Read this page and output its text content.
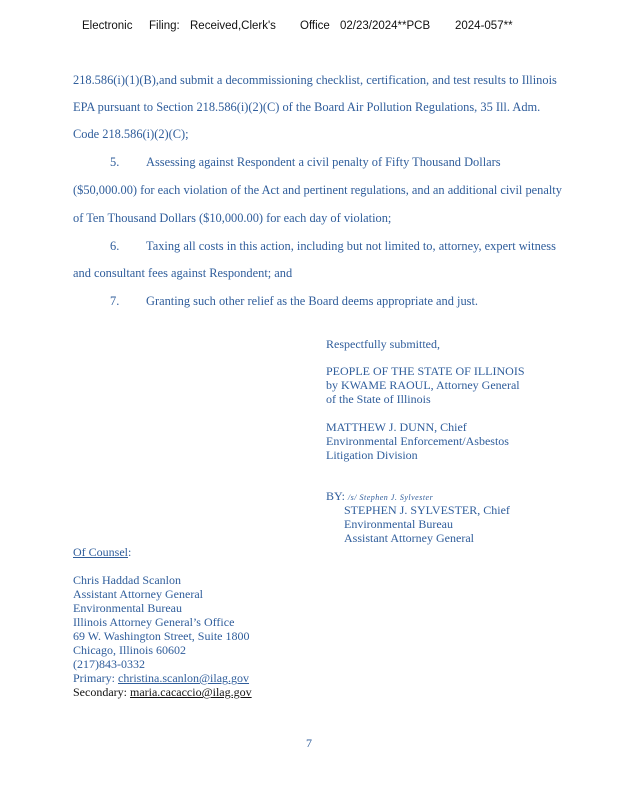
Electronic Filing: Received,Clerk's Office 02/23/2024**PCB 2024-057**
218.586(i)(1)(B),and submit a decommissioning checklist, certification, and test results to Illinois
EPA pursuant to Section 218.586(i)(2)(C) of the Board Air Pollution Regulations, 35 Ill. Adm.
Code 218.586(i)(2)(C);
5. Assessing against Respondent a civil penalty of Fifty Thousand Dollars
($50,000.00) for each violation of the Act and pertinent regulations, and an additional civil penalty
of Ten Thousand Dollars ($10,000.00) for each day of violation;
6. Taxing all costs in this action, including but not limited to, attorney, expert witness
and consultant fees against Respondent; and
7. Granting such other relief as the Board deems appropriate and just.
Respectfully submitted,
PEOPLE OF THE STATE OF ILLINOIS
by KWAME RAOUL, Attorney General
of the State of Illinois
MATTHEW J. DUNN, Chief
Environmental Enforcement/Asbestos
Litigation Division
BY: /s/ Stephen J. Sylvester
STEPHEN J. SYLVESTER, Chief
Environmental Bureau
Assistant Attorney General
Of Counsel:
Chris Haddad Scanlon
Assistant Attorney General
Environmental Bureau
Illinois Attorney General’s Office
69 W. Washington Street, Suite 1800
Chicago, Illinois 60602
(217)843-0332
Primary: christina.scanlon@ilag.gov
Secondary: maria.cacaccio@ilag.gov
7
